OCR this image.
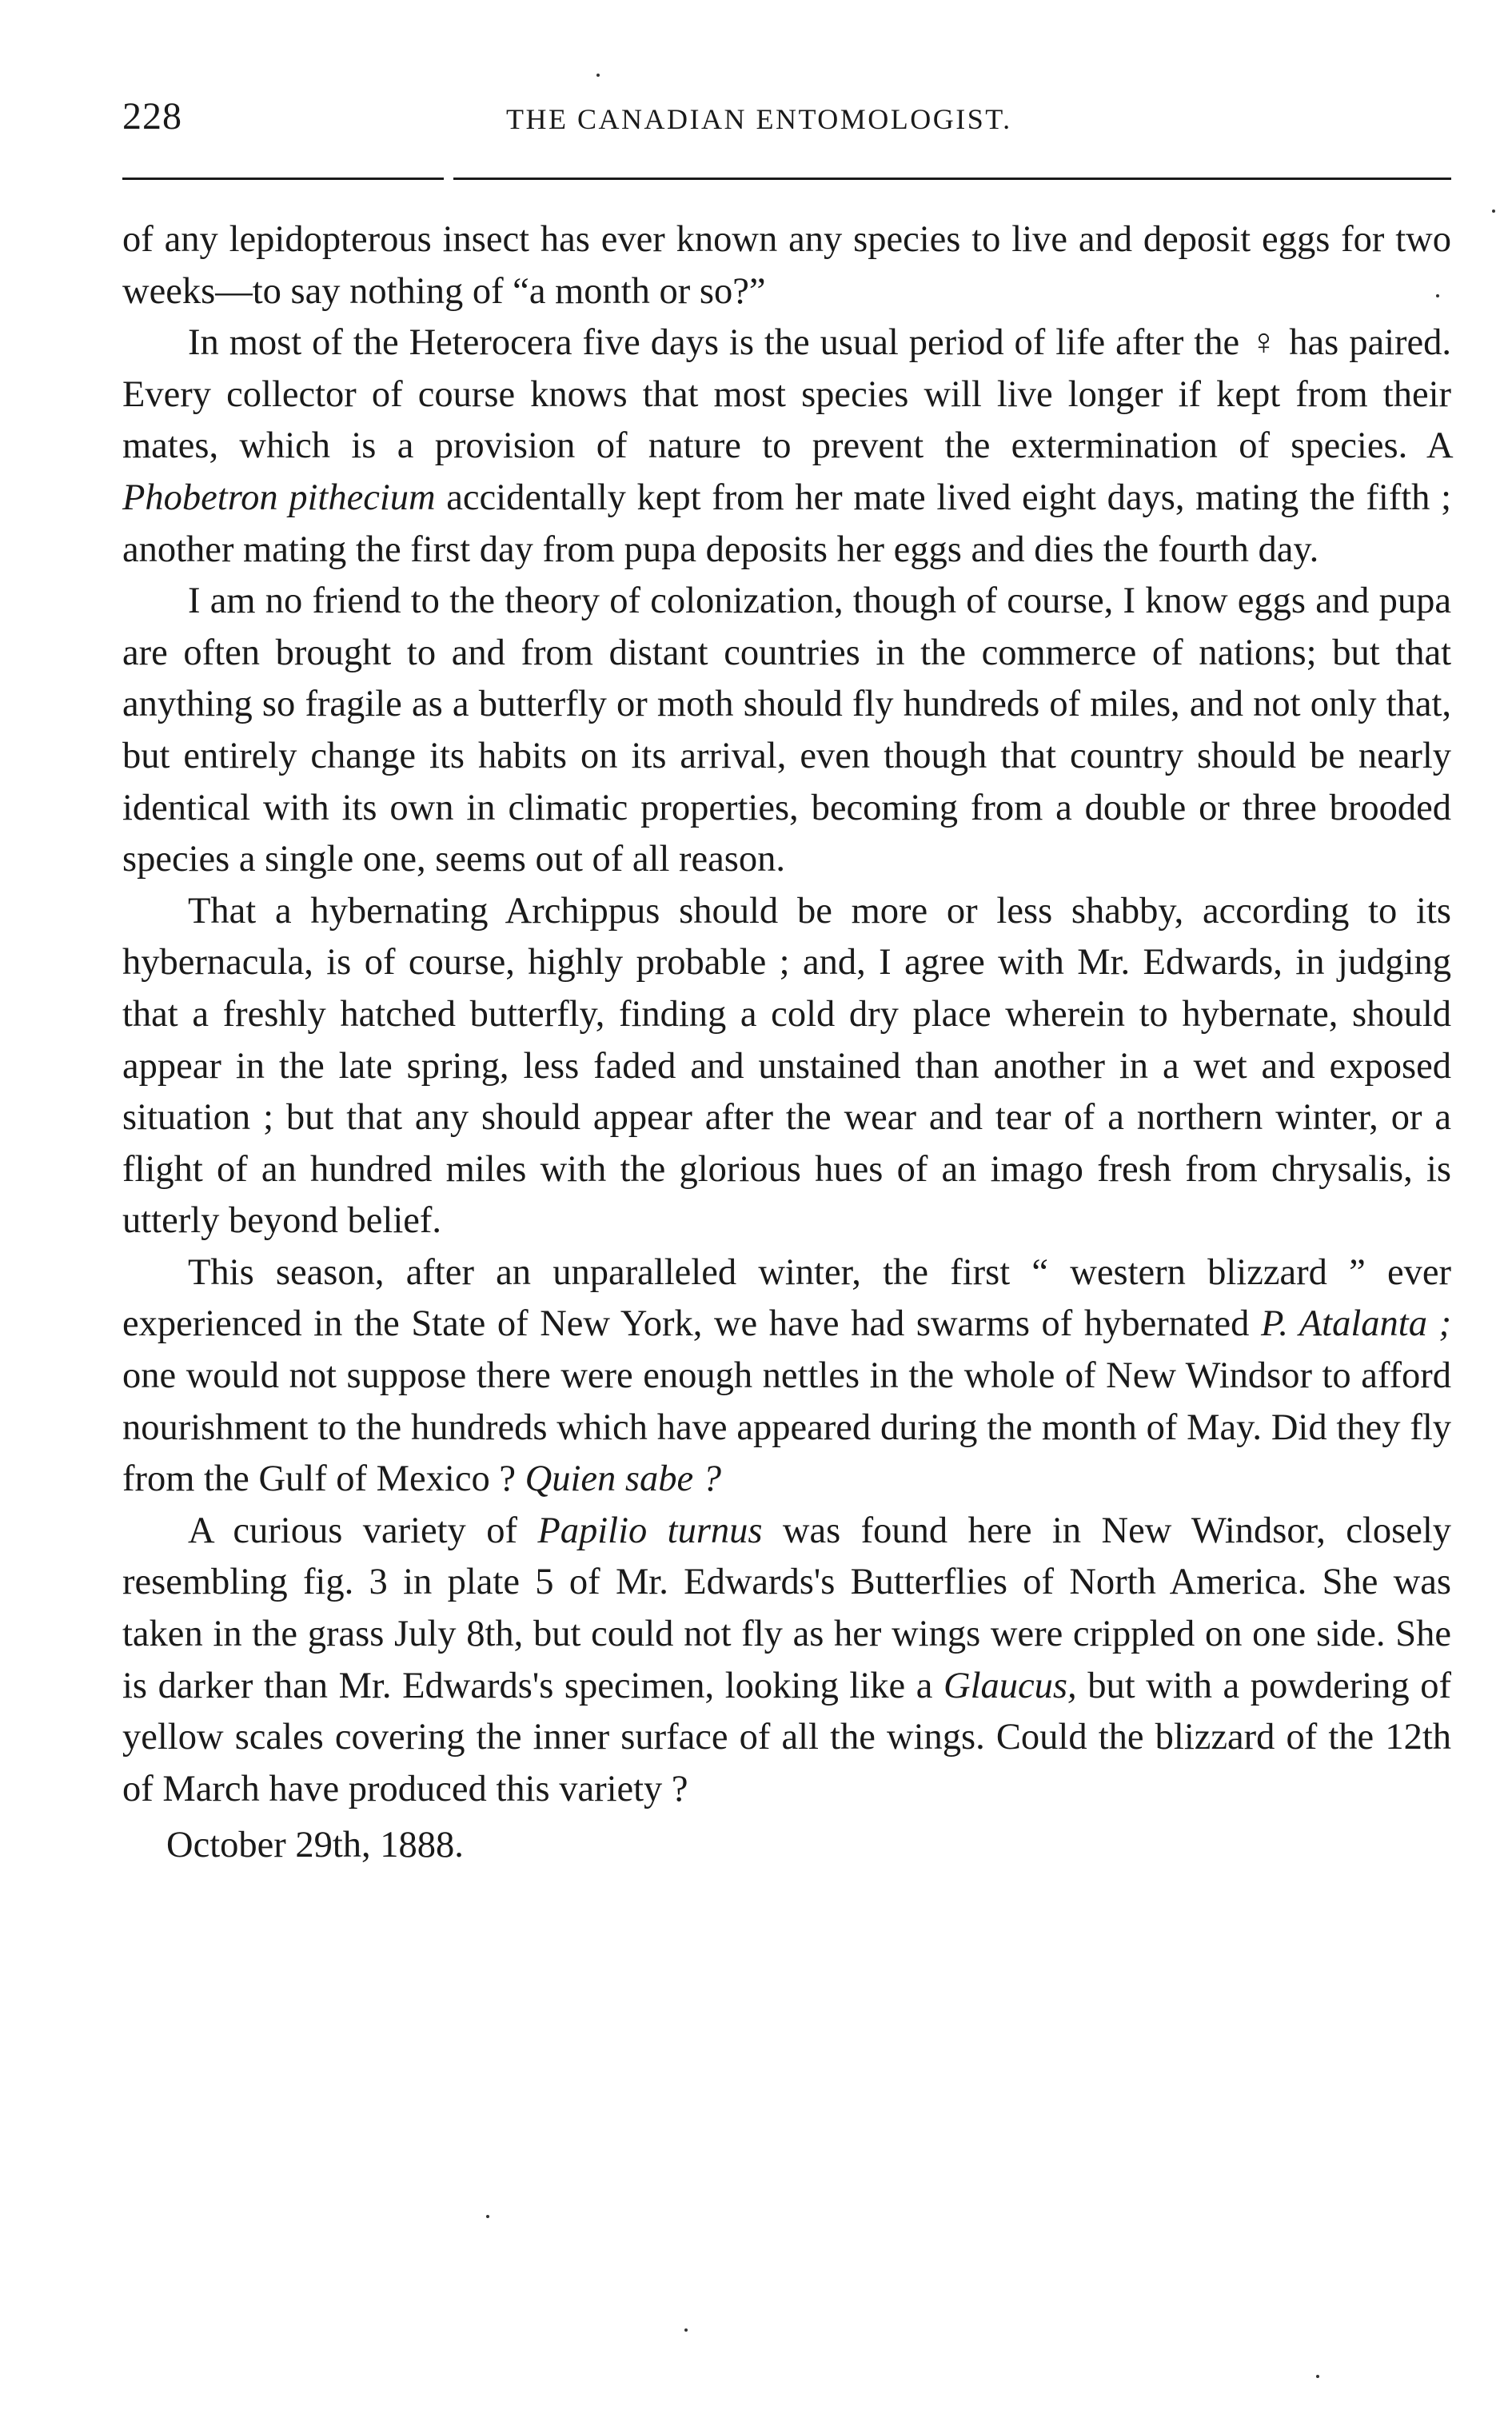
228	THE CANADIAN ENTOMOLOGIST.

of any lepidopterous insect has ever known any species to live and deposit eggs for two weeks—to say nothing of “a month or so?”

In most of the Heterocera five days is the usual period of life after the ♀ has paired. Every collector of course knows that most species will live longer if kept from their mates, which is a provision of nature to prevent the extermination of species. A Phobetron pithecium accidentally kept from her mate lived eight days, mating the fifth ; another mating the first day from pupa deposits her eggs and dies the fourth day.

I am no friend to the theory of colonization, though of course, I know eggs and pupa are often brought to and from distant countries in the commerce of nations; but that anything so fragile as a butterfly or moth should fly hundreds of miles, and not only that, but entirely change its habits on its arrival, even though that country should be nearly identical with its own in climatic properties, becoming from a double or three brooded species a single one, seems out of all reason.

That a hybernating Archippus should be more or less shabby, according to its hybernacula, is of course, highly probable ; and, I agree with Mr. Edwards, in judging that a freshly hatched butterfly, finding a cold dry place wherein to hybernate, should appear in the late spring, less faded and unstained than another in a wet and exposed situation ; but that any should appear after the wear and tear of a northern winter, or a flight of an hundred miles with the glorious hues of an imago fresh from chrysalis, is utterly beyond belief.

This season, after an unparalleled winter, the first “ western blizzard ” ever experienced in the State of New York, we have had swarms of hybernated P. Atalanta ; one would not suppose there were enough nettles in the whole of New Windsor to afford nourishment to the hundreds which have appeared during the month of May. Did they fly from the Gulf of Mexico ? Quien sabe ?

A curious variety of Papilio turnus was found here in New Windsor, closely resembling fig. 3 in plate 5 of Mr. Edwards's Butterflies of North America. She was taken in the grass July 8th, but could not fly as her wings were crippled on one side. She is darker than Mr. Edwards's specimen, looking like a Glaucus, but with a powdering of yellow scales covering the inner surface of all the wings. Could the blizzard of the 12th of March have produced this variety ?

October 29th, 1888.
